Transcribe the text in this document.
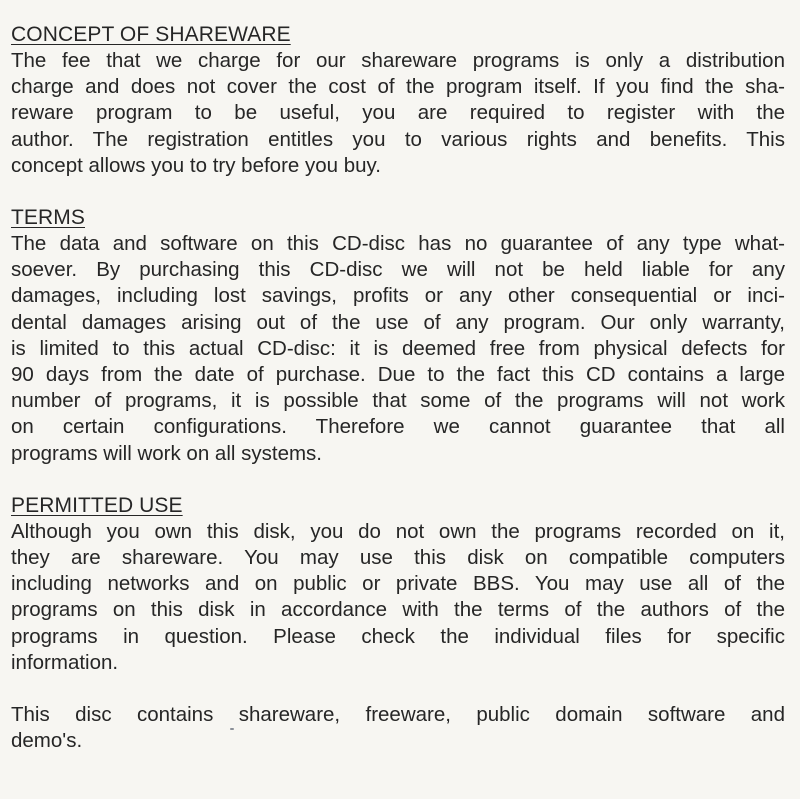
CONCEPT OF SHAREWARE
The fee that we charge for our shareware programs is only a distribution
charge and does not cover the cost of the program itself. If you find the sha-
reware program to be useful, you are required to register with the
author. The registration entitles you to various rights and benefits. This
concept allows you to try before you buy.
TERMS
The data and software on this CD-disc has no guarantee of any type what-
soever. By purchasing this CD-disc we will not be held liable for any
damages, including lost savings, profits or any other consequential or inci-
dental damages arising out of the use of any program. Our only warranty,
is limited to this actual CD-disc: it is deemed free from physical defects for
90 days from the date of purchase. Due to the fact this CD contains a large
number of programs, it is possible that some of the programs will not work
on certain configurations. Therefore we cannot guarantee that all
programs will work on all systems.
PERMITTED USE
Although you own this disk, you do not own the programs recorded on it,
they are shareware. You may use this disk on compatible computers
including networks and on public or private BBS. You may use all of the
programs on this disk in accordance with the terms of the authors of the
programs in question. Please check the individual files for specific
information.
This disc contains shareware, freeware, public domain software and
demo's.
